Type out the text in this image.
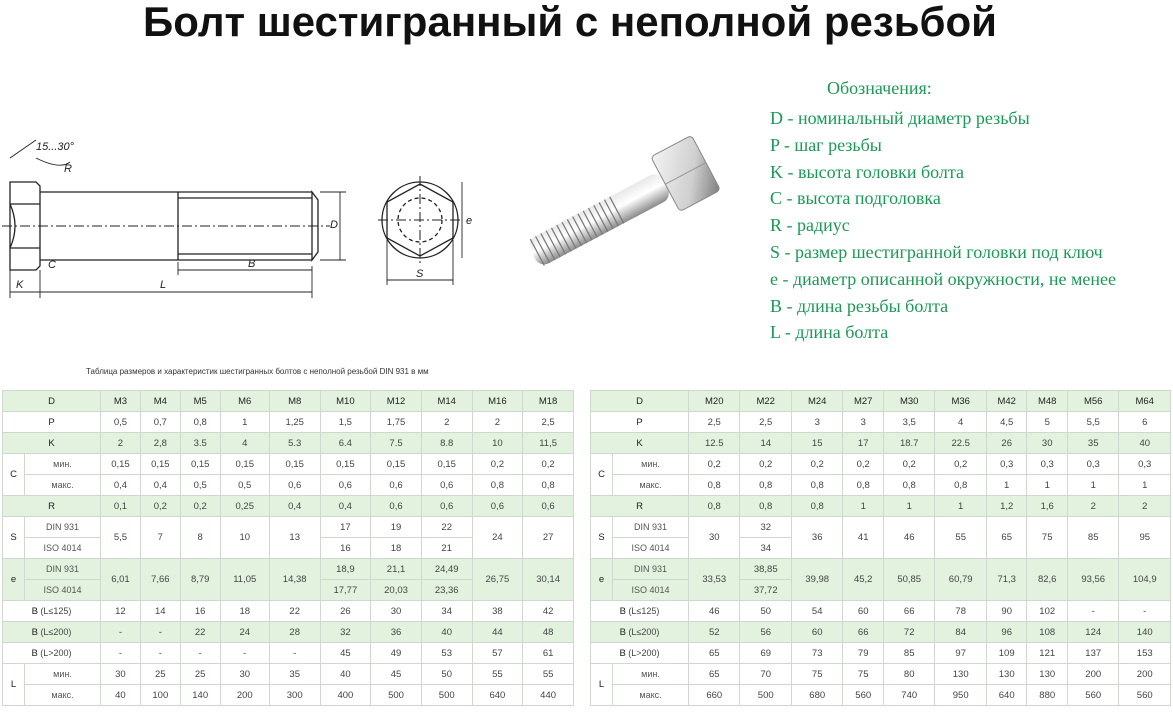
Болт шестигранный с неполной резьбой
15...30°
R
C
K	L
B
D	e
S
Обозначения:
D - номинальный диаметр резьбы
P - шаг резьбы
K - высота головки болта
C - высота подголовка
R - радиус
S - размер шестигранной головки под ключ
e - диаметр описанной окружности, не менее
B - длина резьбы болта
L - длина болта
Таблица размеров и характеристик шестигранных болтов с неполной резьбой DIN 931 в мм
D		M3	M4	M5	M6	M8	M10	M12	M14	M16	M18
P		0,5	0,7	0,8	1	1,25	1,5	1,75	2	2	2,5
K		2	2,8	3.5	4	5.3	6.4	7.5	8.8	10	11,5
C	мин.	0,15	0,15	0,15	0,15	0,15	0,15	0,15	0,15	0,2	0,2
	макс.	0,4	0,4	0,5	0,5	0,6	0,6	0,6	0,6	0,8	0,8
R		0,1	0,2	0,2	0,25	0,4	0,4	0,6	0,6	0,6	0,6
S	DIN 931	5,5	7	8	10	13	17	19	22	24	27
	ISO 4014						16	18	21		
e	DIN 931	6,01	7,66	8,79	11,05	14,38	18,9	21,1	24,49	26,75	30,14
	ISO 4014						17,77	20,03	23,36		
B (L≤125)		12	14	16	18	22	26	30	34	38	42
B (L≤200)		-	-	22	24	28	32	36	40	44	48
B (L>200)		-	-	-	-	-	45	49	53	57	61
L	мин.	30	25	25	30	35	40	45	50	55	55
	макс.	40	100	140	200	300	400	500	500	640	440
D		M20	M22	M24	M27	M30	M36	M42	M48	M56	M64
P		2,5	2,5	3	3	3,5	4	4,5	5	5,5	6
K		12.5	14	15	17	18.7	22.5	26	30	35	40
C	мин.	0,2	0,2	0,2	0,2	0,2	0,2	0,3	0,3	0,3	0,3
	макс.	0,8	0,8	0,8	0,8	0,8	0,8	1	1	1	1
R		0,8	0,8	0,8	1	1	1	1,2	1,6	2	2
S	DIN 931	30	32	36	41	46	55	65	75	85	95
	ISO 4014		34								
e	DIN 931	33,53	38,85	39,98	45,2	50,85	60,79	71,3	82,6	93,56	104,9
	ISO 4014		37,72								
B (L≤125)		46	50	54	60	66	78	90	102	-	-
B (L≤200)		52	56	60	66	72	84	96	108	124	140
B (L>200)		65	69	73	79	85	97	109	121	137	153
L	мин.	65	70	75	75	80	130	130	130	200	200
	макс.	660	500	680	560	740	950	640	880	560	560
